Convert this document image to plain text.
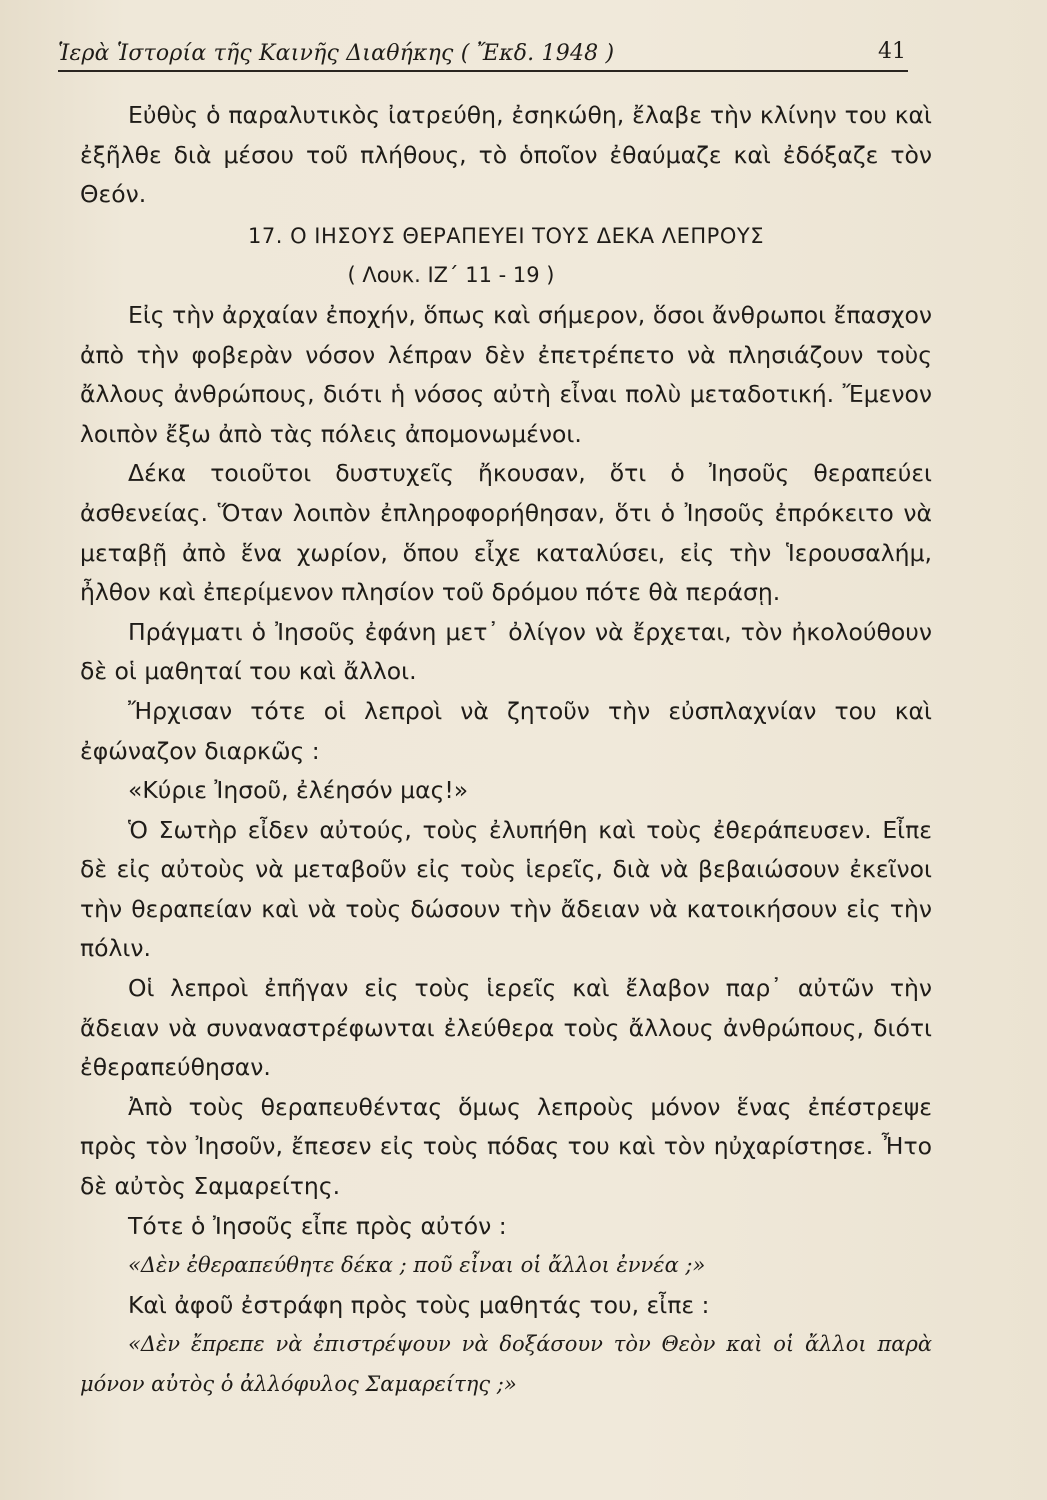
Ἱερὰ Ἱστορία τῆς Καινῆς Διαθήκης ( Ἔκδ. 1948 )	41

Εὐθὺς ὁ παραλυτικὸς ἰατρεύθη, ἐσηκώθη, ἔλαβε τὴν κλίνην του καὶ ἐξῆλθε διὰ μέσου τοῦ πλήθους, τὸ ὁποῖον ἐθαύμαζε καὶ ἐδόξαζε τὸν Θεόν.

17. Ο ΙΗΣΟΥΣ ΘΕΡΑΠΕΥΕΙ ΤΟΥΣ ΔΕΚΑ ΛΕΠΡΟΥΣ

( Λουκ. ΙΖ΄ 11 - 19 )

Εἰς τὴν ἀρχαίαν ἐποχήν, ὅπως καὶ σήμερον, ὅσοι ἄνθρωποι ἔπασχον ἀπὸ τὴν φοβερὰν νόσον λέπραν δὲν ἐπετρέπετο νὰ πλησιάζουν τοὺς ἄλλους ἀνθρώπους, διότι ἡ νόσος αὐτὴ εἶναι πολὺ μεταδοτική. Ἔμενον λοιπὸν ἔξω ἀπὸ τὰς πόλεις ἀπομονωμένοι.

Δέκα τοιοῦτοι δυστυχεῖς ἤκουσαν, ὅτι ὁ Ἰησοῦς θεραπεύει ἀσθενείας. Ὅταν λοιπὸν ἐπληροφορήθησαν, ὅτι ὁ Ἰησοῦς ἐπρόκειτο νὰ μεταβῇ ἀπὸ ἕνα χωρίον, ὅπου εἶχε καταλύσει, εἰς τὴν Ἱερουσαλήμ, ἦλθον καὶ ἐπερίμενον πλησίον τοῦ δρόμου πότε θὰ περάσῃ.

Πράγματι ὁ Ἰησοῦς ἐφάνη μετ᾿ ὀλίγον νὰ ἔρχεται, τὸν ἠκολούθουν δὲ οἱ μαθηταί του καὶ ἄλλοι.

Ἤρχισαν τότε οἱ λεπροὶ νὰ ζητοῦν τὴν εὐσπλαχνίαν του καὶ ἐφώναζον διαρκῶς :

«Κύριε Ἰησοῦ, ἐλέησόν μας!»

Ὁ Σωτὴρ εἶδεν αὐτούς, τοὺς ἐλυπήθη καὶ τοὺς ἐθεράπευσεν. Εἶπε δὲ εἰς αὐτοὺς νὰ μεταβοῦν εἰς τοὺς ἱερεῖς, διὰ νὰ βεβαιώσουν ἐκεῖνοι τὴν θεραπείαν καὶ νὰ τοὺς δώσουν τὴν ἄδειαν νὰ κατοικήσουν εἰς τὴν πόλιν.

Οἱ λεπροὶ ἐπῆγαν εἰς τοὺς ἱερεῖς καὶ ἔλαβον παρ᾿ αὐτῶν τὴν ἄδειαν νὰ συναναστρέφωνται ἐλεύθερα τοὺς ἄλλους ἀνθρώπους, διότι ἐθεραπεύθησαν.

Ἀπὸ τοὺς θεραπευθέντας ὅμως λεπροὺς μόνον ἕνας ἐπέστρεψε πρὸς τὸν Ἰησοῦν, ἔπεσεν εἰς τοὺς πόδας του καὶ τὸν ηὐχαρίστησε. Ἦτο δὲ αὐτὸς Σαμαρείτης.

Τότε ὁ Ἰησοῦς εἶπε πρὸς αὐτόν :

«Δὲν ἐθεραπεύθητε δέκα ; ποῦ εἶναι οἱ ἄλλοι ἐννέα ;»

Καὶ ἀφοῦ ἐστράφη πρὸς τοὺς μαθητάς του, εἶπε :

«Δὲν ἔπρεπε νὰ ἐπιστρέψουν νὰ δοξάσουν τὸν Θεὸν καὶ οἱ ἄλλοι παρὰ μόνον αὐτὸς ὁ ἀλλόφυλος Σαμαρείτης ;»
